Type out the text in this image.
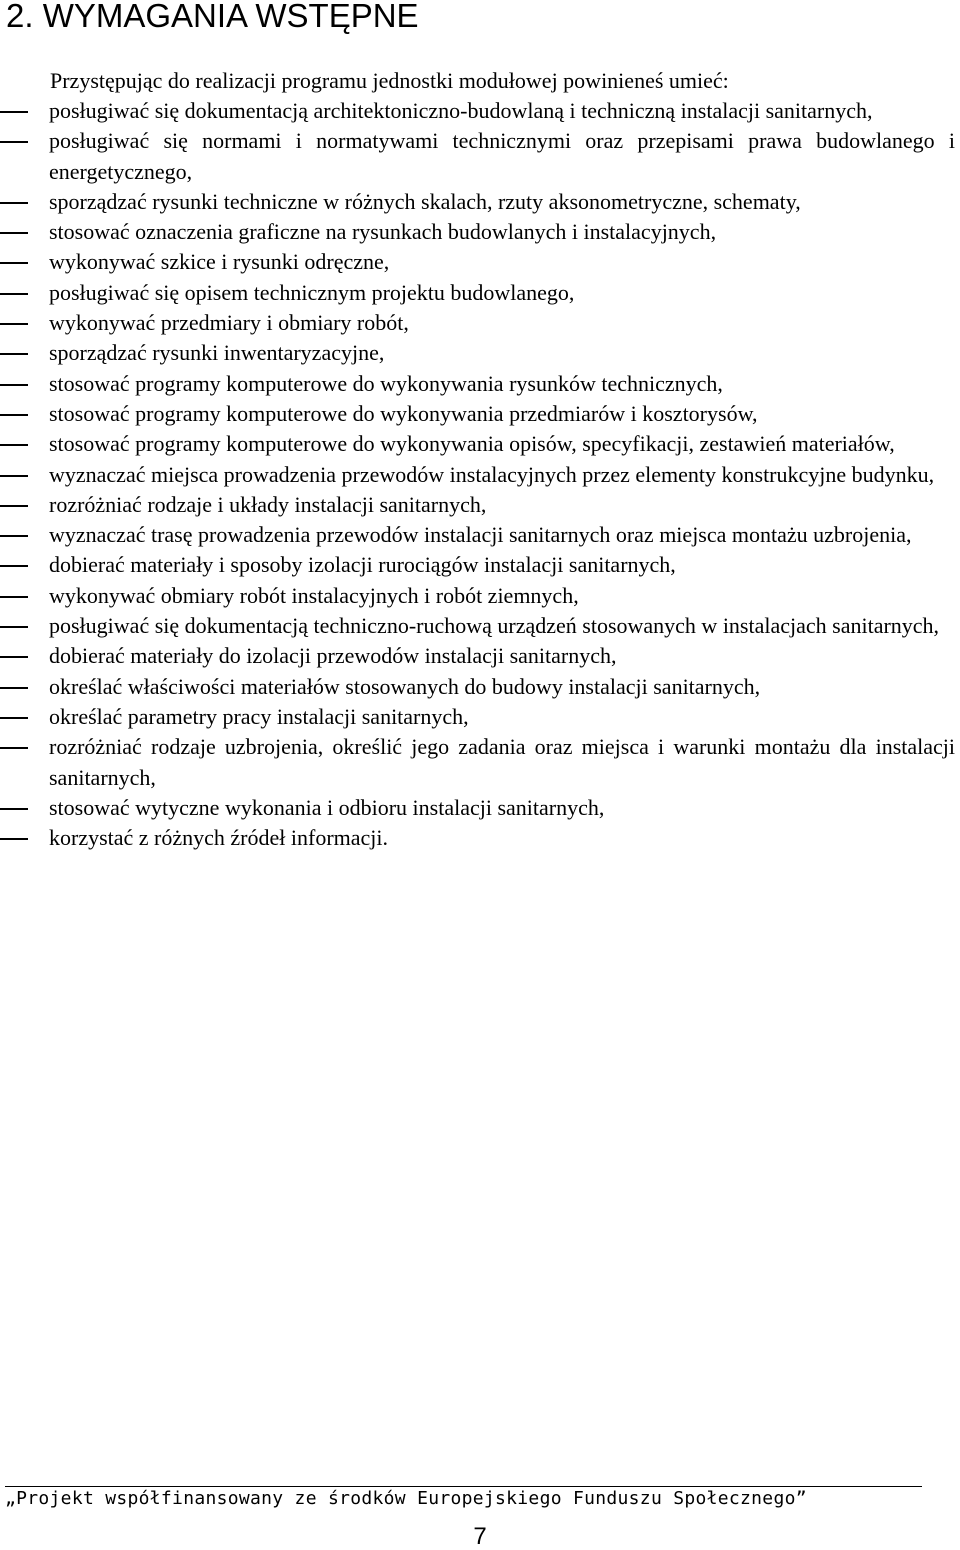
2. WYMAGANIA WSTĘPNE

Przystępując do realizacji programu jednostki modułowej powinieneś umieć:

posługiwać się dokumentacją architektoniczno-budowlaną i techniczną instalacji sanitarnych,
posługiwać się normami i normatywami technicznymi oraz przepisami prawa budowlanego i energetycznego,
sporządzać rysunki techniczne w różnych skalach, rzuty aksonometryczne, schematy,
stosować oznaczenia graficzne na rysunkach budowlanych i instalacyjnych,
wykonywać szkice i rysunki odręczne,
posługiwać się opisem technicznym projektu budowlanego,
wykonywać przedmiary i obmiary robót,
sporządzać rysunki inwentaryzacyjne,
stosować programy komputerowe do wykonywania rysunków technicznych,
stosować programy komputerowe do wykonywania przedmiarów i kosztorysów,
stosować programy komputerowe do wykonywania opisów, specyfikacji, zestawień materiałów,
wyznaczać miejsca prowadzenia przewodów instalacyjnych przez elementy konstrukcyjne budynku,
rozróżniać rodzaje i układy instalacji sanitarnych,
wyznaczać trasę prowadzenia przewodów instalacji sanitarnych oraz miejsca montażu uzbrojenia,
dobierać materiały i sposoby izolacji rurociągów instalacji sanitarnych,
wykonywać obmiary robót instalacyjnych i robót ziemnych,
posługiwać się dokumentacją techniczno-ruchową urządzeń stosowanych w instalacjach sanitarnych,
dobierać materiały do izolacji przewodów instalacji sanitarnych,
określać właściwości materiałów stosowanych do budowy instalacji sanitarnych,
określać parametry pracy instalacji sanitarnych,
rozróżniać rodzaje uzbrojenia, określić jego zadania oraz miejsca i warunki montażu dla instalacji sanitarnych,
stosować wytyczne wykonania i odbioru instalacji sanitarnych,
korzystać z różnych źródeł informacji.

„Projekt współfinansowany ze środków Europejskiego Funduszu Społecznego”

7
